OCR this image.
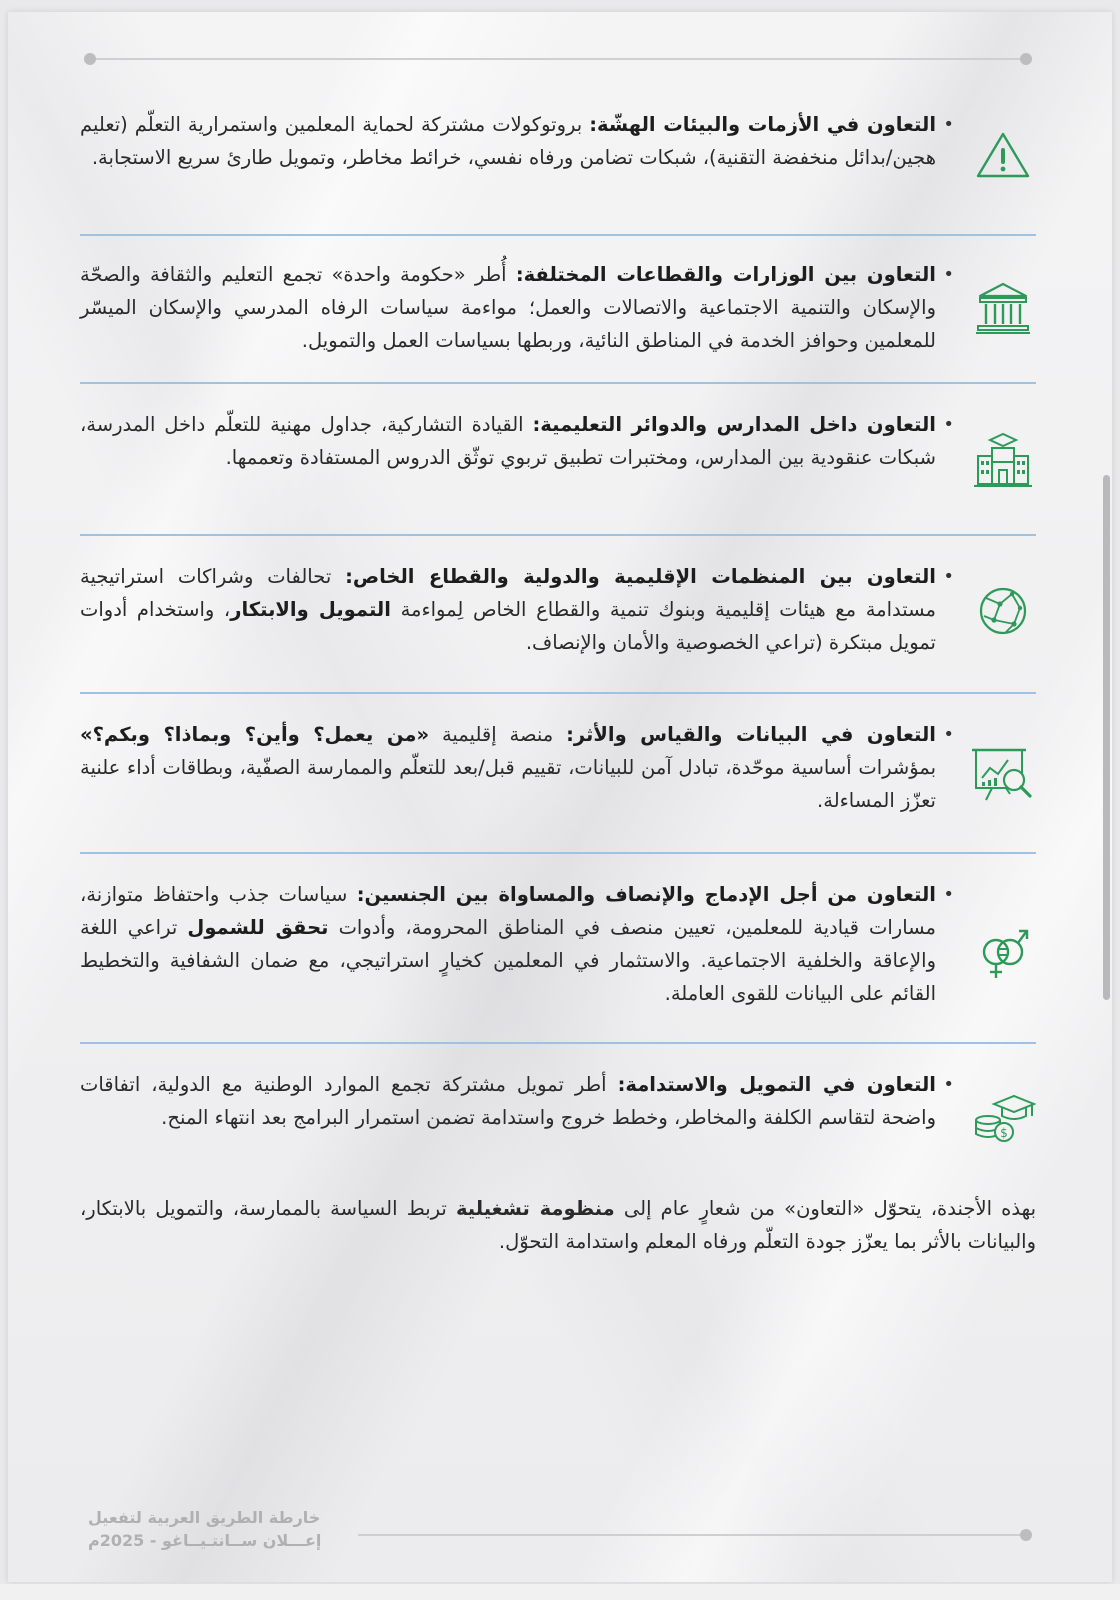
•
التعاون في الأزمات والبيئات الهشّة: بروتوكولات مشتركة لحماية المعلمين واستمرارية التعلّم (تعليم هجين/بدائل منخفضة التقنية)، شبكات تضامن ورفاه نفسي، خرائط مخاطر، وتمويل طارئ سريع الاستجابة.
•
التعاون بين الوزارات والقطاعات المختلفة: أُطر «حكومة واحدة» تجمع التعليم والثقافة والصحّة والإسكان والتنمية الاجتماعية والاتصالات والعمل؛ مواءمة سياسات الرفاه المدرسي والإسكان الميسّر للمعلمين وحوافز الخدمة في المناطق النائية، وربطها بسياسات العمل والتمويل.
•
التعاون داخل المدارس والدوائر التعليمية: القيادة التشاركية، جداول مهنية للتعلّم داخل المدرسة، شبكات عنقودية بين المدارس، ومختبرات تطبيق تربوي توثّق الدروس المستفادة وتعممها.
•
التعاون بين المنظمات الإقليمية والدولية والقطاع الخاص: تحالفات وشراكات استراتيجية مستدامة مع هيئات إقليمية وبنوك تنمية والقطاع الخاص لِمواءمة التمويل والابتكار، واستخدام أدوات تمويل مبتكرة (تراعي الخصوصية والأمان والإنصاف.
•
التعاون في البيانات والقياس والأثر: منصة إقليمية «من يعمل؟ وأين؟ وبماذا؟ وبكم؟» بمؤشرات أساسية موحّدة، تبادل آمن للبيانات، تقييم قبل/بعد للتعلّم والممارسة الصفّية، وبطاقات أداء علنية تعزّز المساءلة.
•
التعاون من أجل الإدماج والإنصاف والمساواة بين الجنسين: سياسات جذب واحتفاظ متوازنة، مسارات قيادية للمعلمين، تعيين منصف في المناطق المحرومة، وأدوات تحقق للشمول تراعي اللغة والإعاقة والخلفية الاجتماعية. والاستثمار في المعلمين كخيارٍ استراتيجي، مع ضمان الشفافية والتخطيط القائم على البيانات للقوى العاملة.
$
•
التعاون في التمويل والاستدامة: أطر تمويل مشتركة تجمع الموارد الوطنية مع الدولية، اتفاقات واضحة لتقاسم الكلفة والمخاطر، وخطط خروج واستدامة تضمن استمرار البرامج بعد انتهاء المنح.
بهذه الأجندة، يتحوّل «التعاون» من شعارٍ عام إلى منظومة تشغيلية تربط السياسة بالممارسة، والتمويل بالابتكار، والبيانات بالأثر بما يعزّز جودة التعلّم ورفاه المعلم واستدامة التحوّل.
خارطة الطريق العربية لتفعيل
إعـــلان ســانتـيــاغو - 2025م
